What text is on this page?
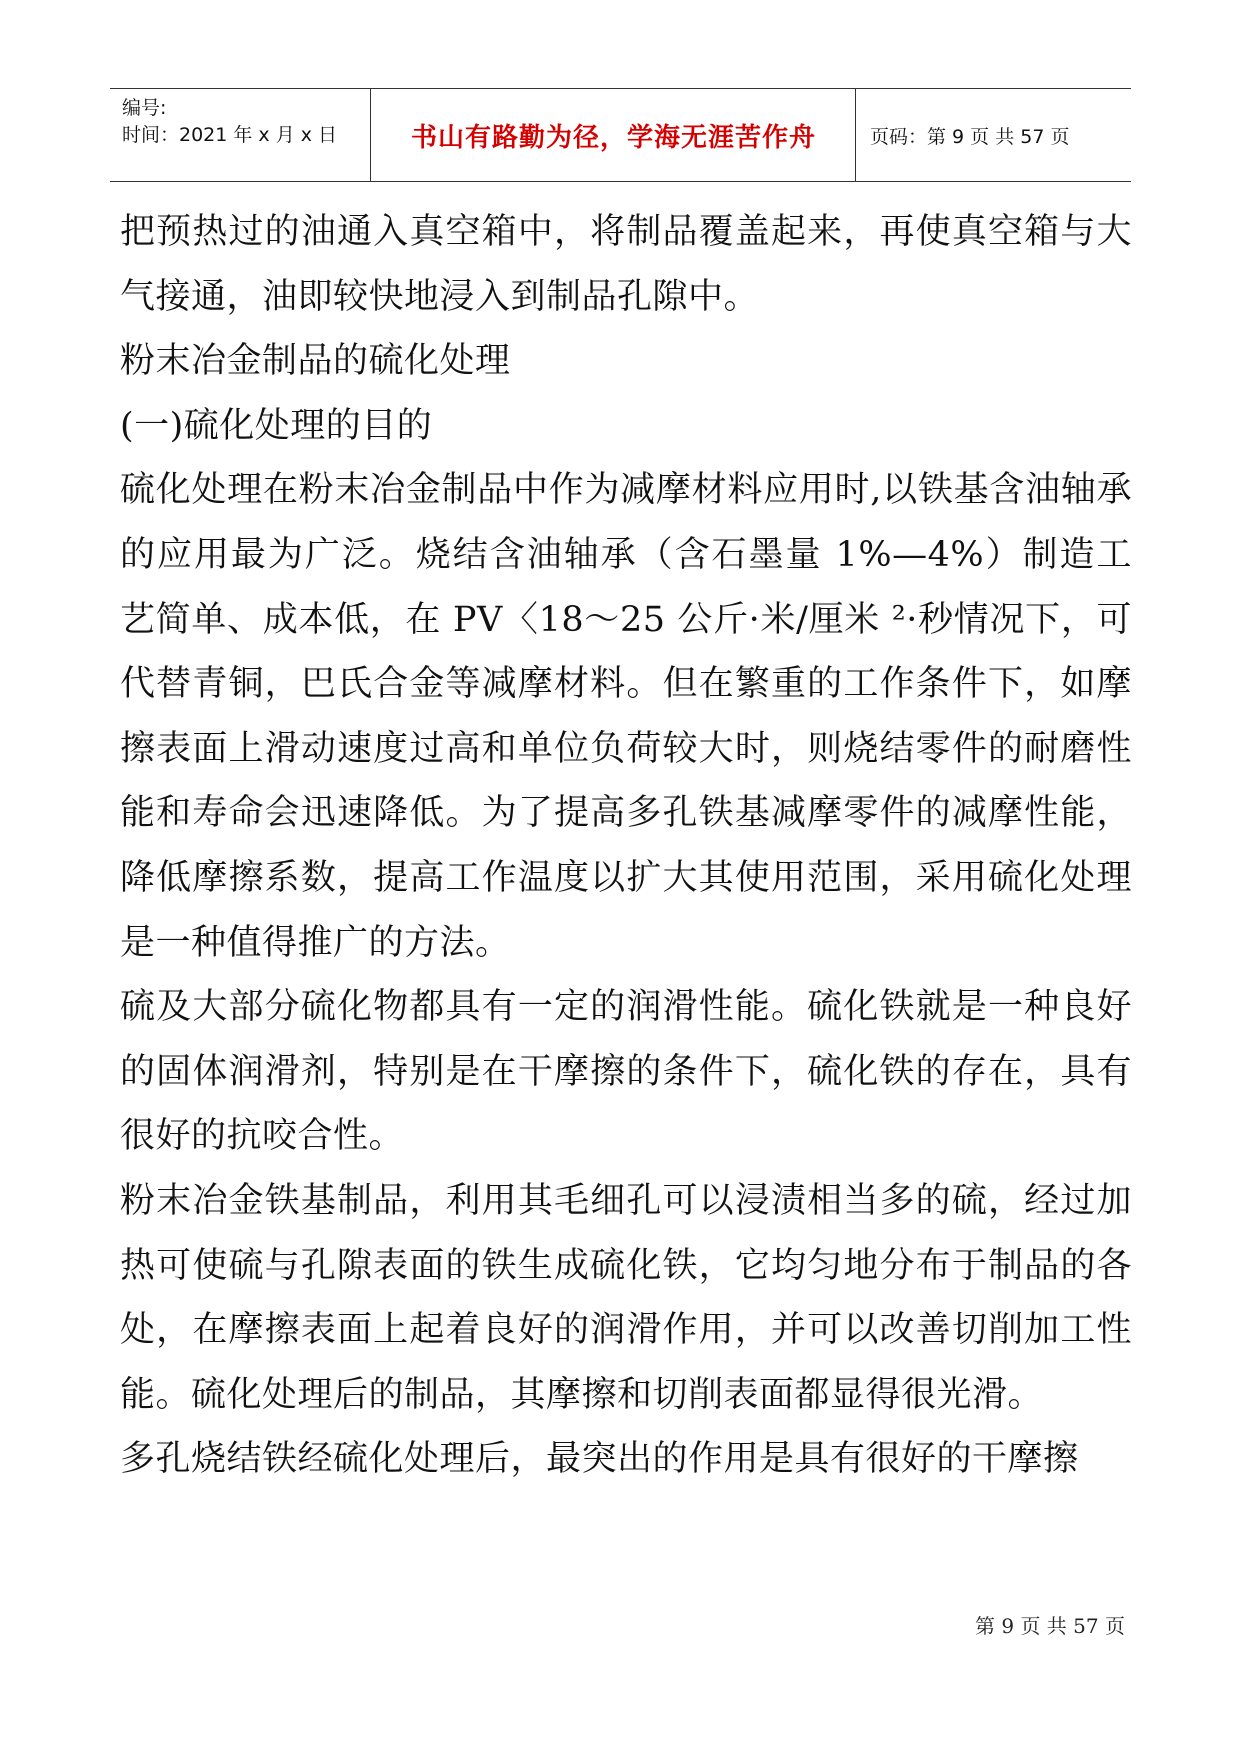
编号:
时间：2021 年 x 月 x 日	书山有路勤为径，学海无涯苦作舟	页码：第 9 页 共 57 页

把预热过的油通入真空箱中，将制品覆盖起来，再使真空箱与大气接通，油即较快地浸入到制品孔隙中。

粉末冶金制品的硫化处理

(一)硫化处理的目的

硫化处理在粉末冶金制品中作为减摩材料应用时,以铁基含油轴承的应用最为广泛。烧结含油轴承（含石墨量 1%—4%）制造工艺简单、成本低，在 PV〈18～25 公斤·米/厘米 ²·秒情况下，可代替青铜，巴氏合金等减摩材料。但在繁重的工作条件下，如摩擦表面上滑动速度过高和单位负荷较大时，则烧结零件的耐磨性能和寿命会迅速降低。为了提高多孔铁基减摩零件的减摩性能，降低摩擦系数，提高工作温度以扩大其使用范围，采用硫化处理是一种值得推广的方法。

硫及大部分硫化物都具有一定的润滑性能。硫化铁就是一种良好的固体润滑剂，特别是在干摩擦的条件下，硫化铁的存在，具有很好的抗咬合性。

粉末冶金铁基制品，利用其毛细孔可以浸渍相当多的硫，经过加热可使硫与孔隙表面的铁生成硫化铁，它均匀地分布于制品的各处，在摩擦表面上起着良好的润滑作用，并可以改善切削加工性能。硫化处理后的制品，其摩擦和切削表面都显得很光滑。

多孔烧结铁经硫化处理后，最突出的作用是具有很好的干摩擦

第 9 页 共 57 页
